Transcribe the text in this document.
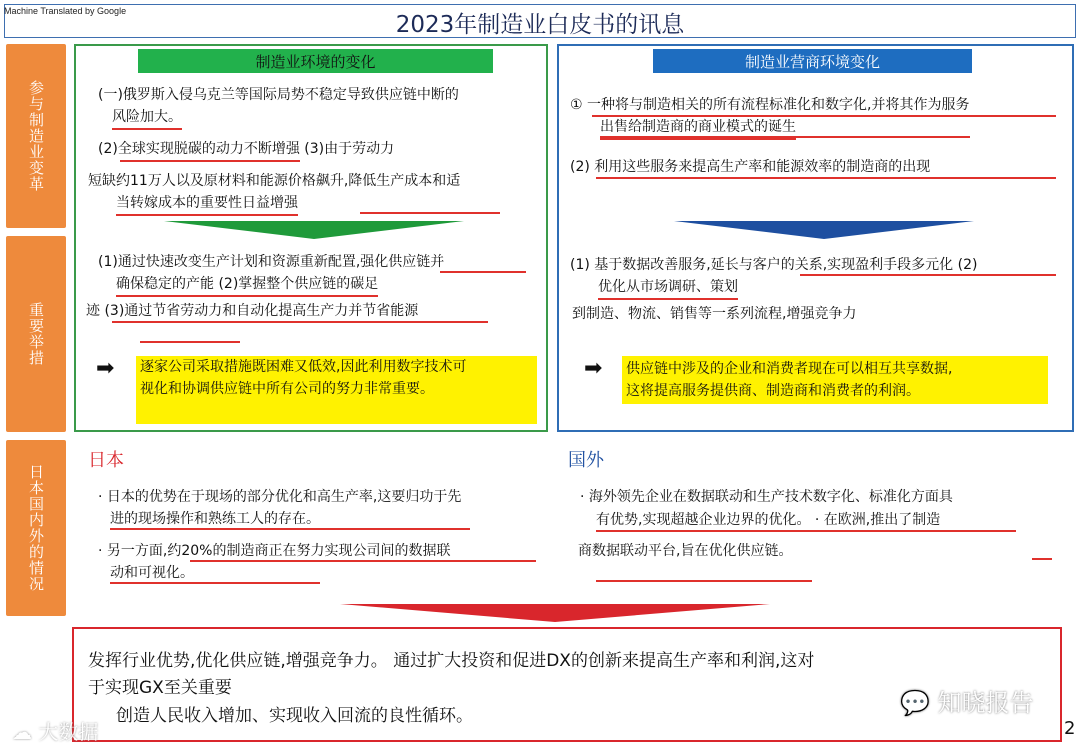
Machine Translated by Google
2023年制造业白皮书的讯息
参与制造业变革
重要举措
日本国内外的情况
制造业环境的变化
(一)俄罗斯入侵乌克兰等国际局势不稳定导致供应链中断的
风险加大。
(2)全球实现脱碳的动力不断增强 (3)由于劳动力
短缺约11万人以及原材料和能源价格飙升,降低生产成本和适
当转嫁成本的重要性日益增强
(1)通过快速改变生产计划和资源重新配置,强化供应链并
确保稳定的产能 (2)掌握整个供应链的碳足
迹 (3)通过节省劳动力和自动化提高生产力并节省能源
➡ 逐家公司采取措施既困难又低效,因此利用数字技术可
视化和协调供应链中所有公司的努力非常重要。
制造业营商环境变化
① 一种将与制造相关的所有流程标准化和数字化,并将其作为服务
出售给制造商的商业模式的诞生
(2) 利用这些服务来提高生产率和能源效率的制造商的出现
(1) 基于数据改善服务,延长与客户的关系,实现盈利手段多元化 (2)
优化从市场调研、策划
到制造、物流、销售等一系列流程,增强竞争力
➡ 供应链中涉及的企业和消费者现在可以相互共享数据,
这将提高服务提供商、制造商和消费者的利润。
日本
· 日本的优势在于现场的部分优化和高生产率,这要归功于先
进的现场操作和熟练工人的存在。
· 另一方面,约20%的制造商正在努力实现公司间的数据联
动和可视化。
国外
· 海外领先企业在数据联动和生产技术数字化、标准化方面具
有优势,实现超越企业边界的优化。 · 在欧洲,推出了制造
商数据联动平台,旨在优化供应链。
发挥行业优势,优化供应链,增强竞争力。 通过扩大投资和促进DX的创新来提高生产率和利润,这对
于实现GX至关重要
创造人民收入增加、实现收入回流的良性循环。
☁ 大数据
💬 知晓报告
2
